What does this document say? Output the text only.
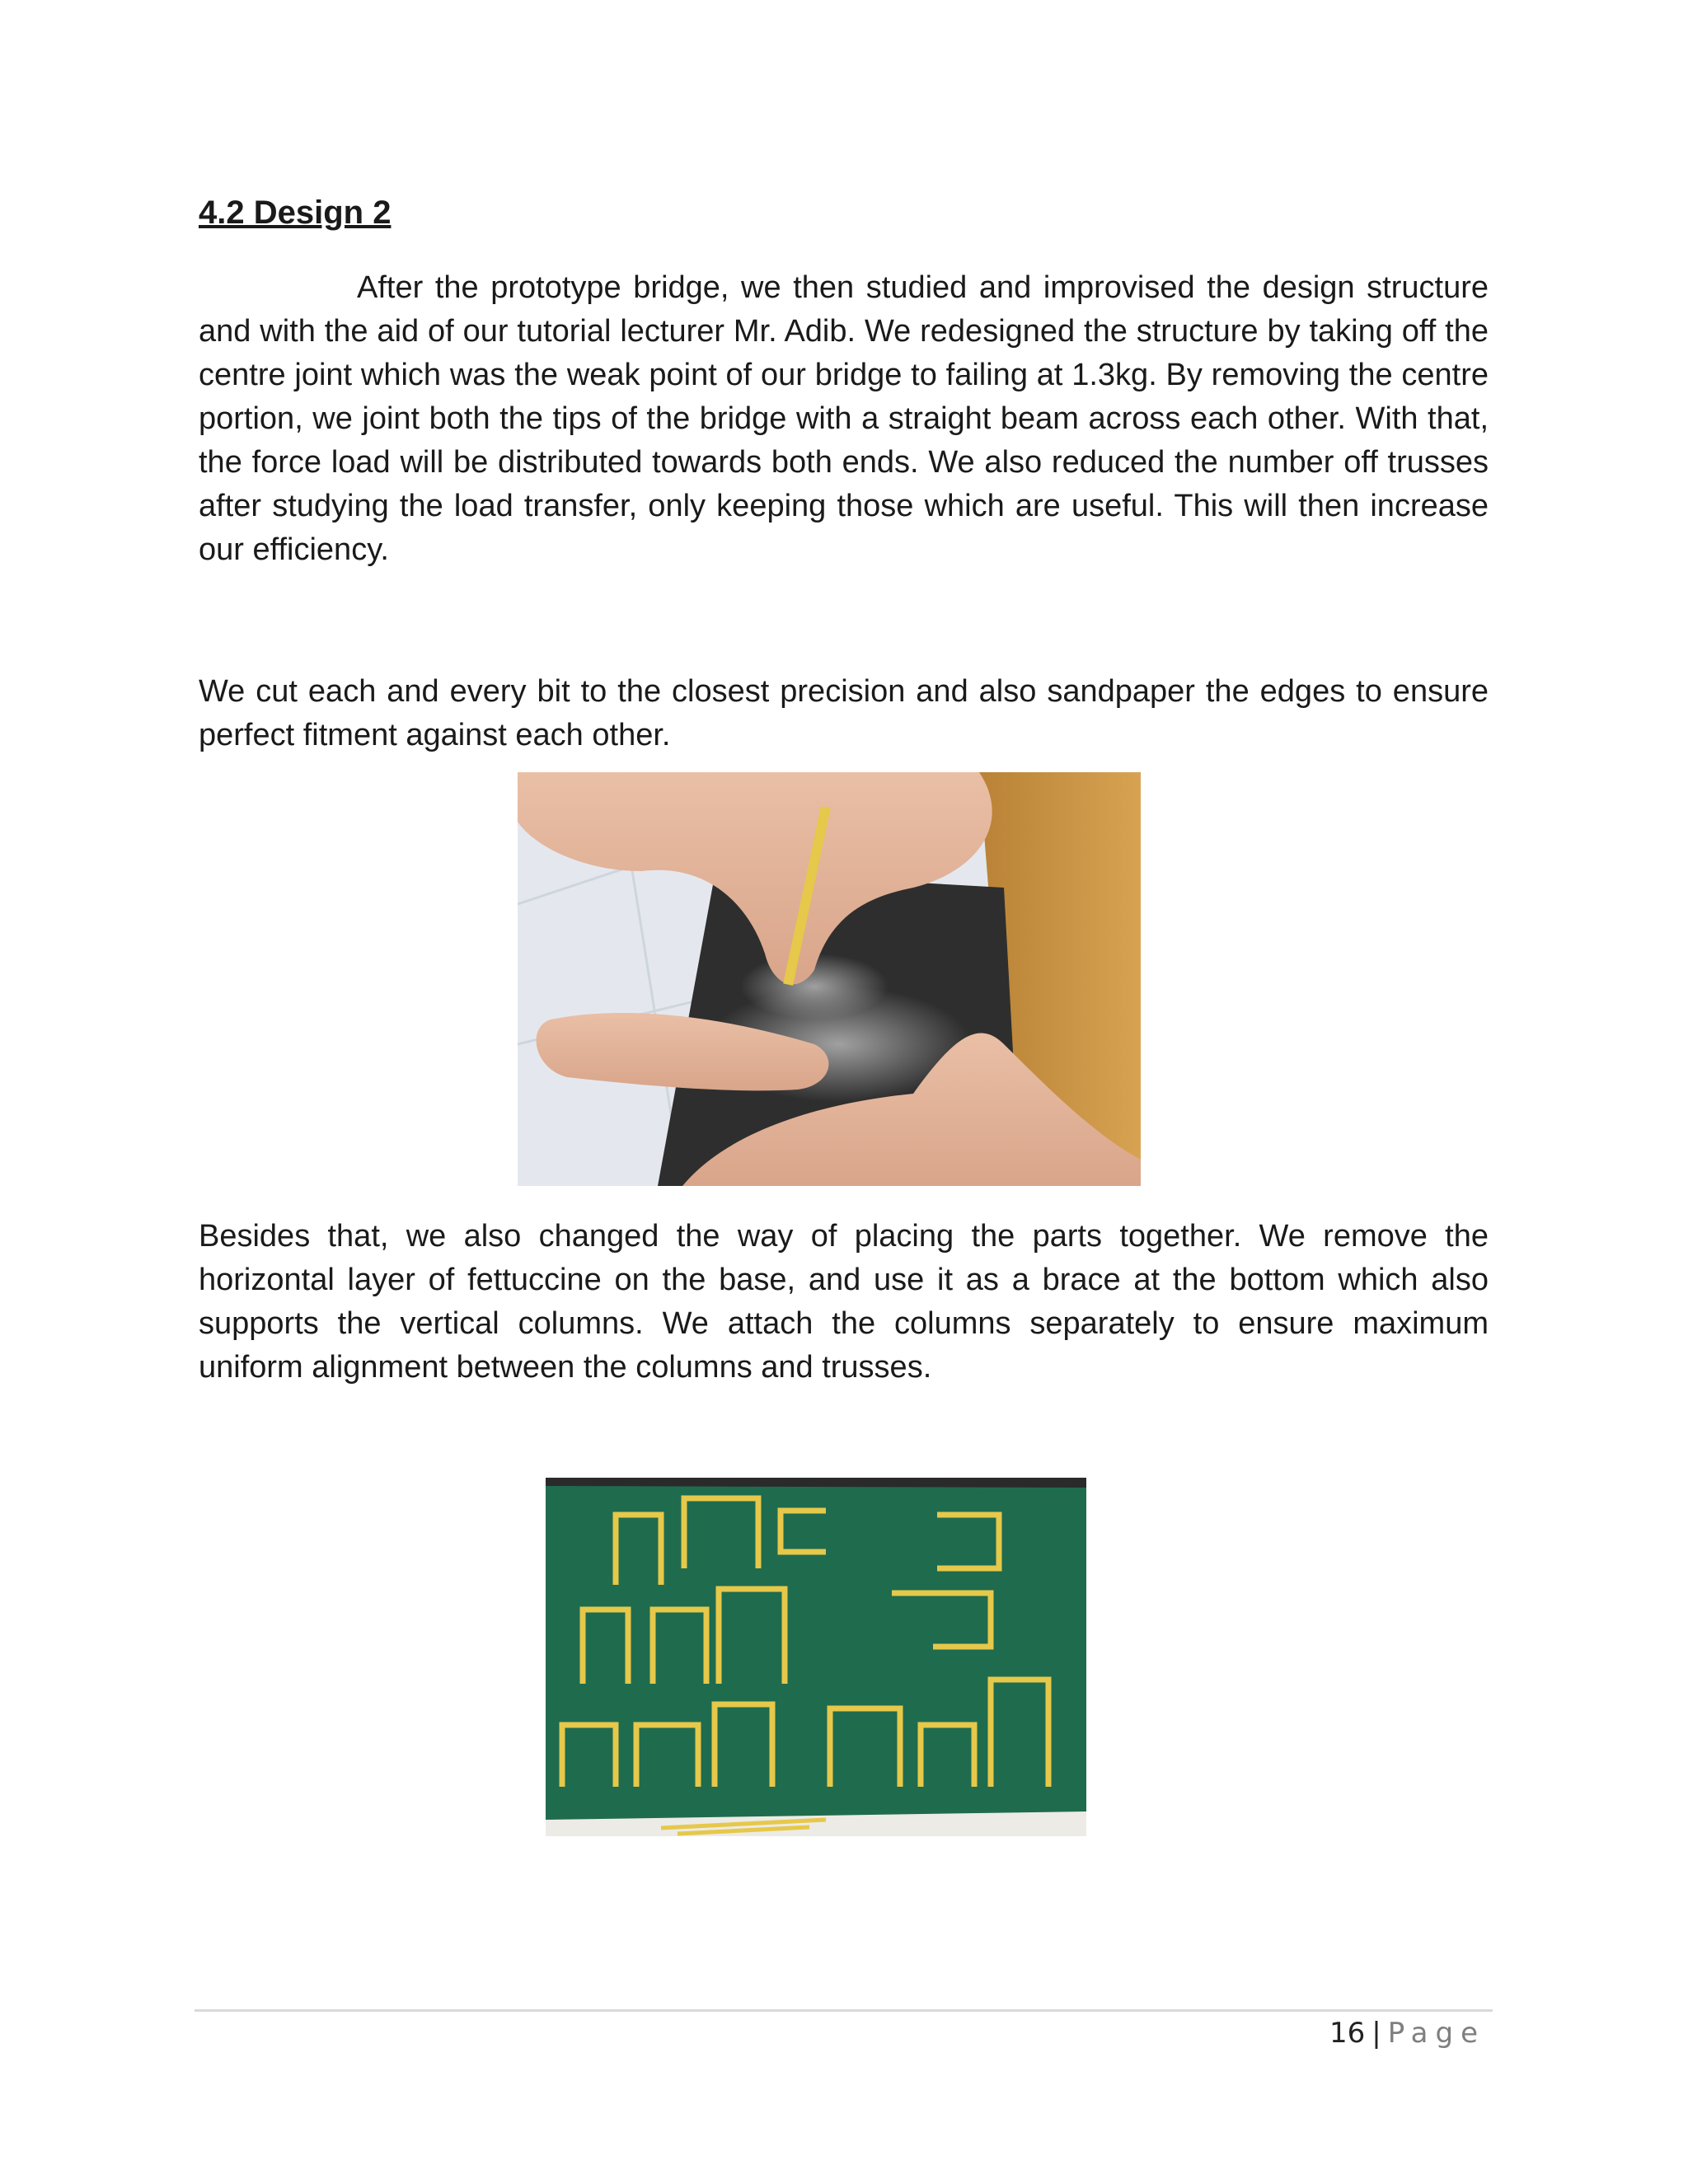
4.2 Design 2

After the prototype bridge, we then studied and improvised the design structure and with the aid of our tutorial lecturer Mr. Adib. We redesigned the structure by taking off the centre joint which was the weak point of our bridge to failing at 1.3kg. By removing the centre portion, we joint both the tips of the bridge with a straight beam across each other. With that, the force load will be distributed towards both ends. We also reduced the number off trusses after studying the load transfer, only keeping those which are useful. This will then increase our efficiency.

We cut each and every bit to the closest precision and also sandpaper the edges to ensure perfect fitment against each other.

Besides that, we also changed the way of placing the parts together. We remove the horizontal layer of fettuccine on the base, and use it as a brace at the bottom which also supports the vertical columns. We attach the columns separately to ensure maximum uniform alignment between the columns and trusses.

16 | Page
